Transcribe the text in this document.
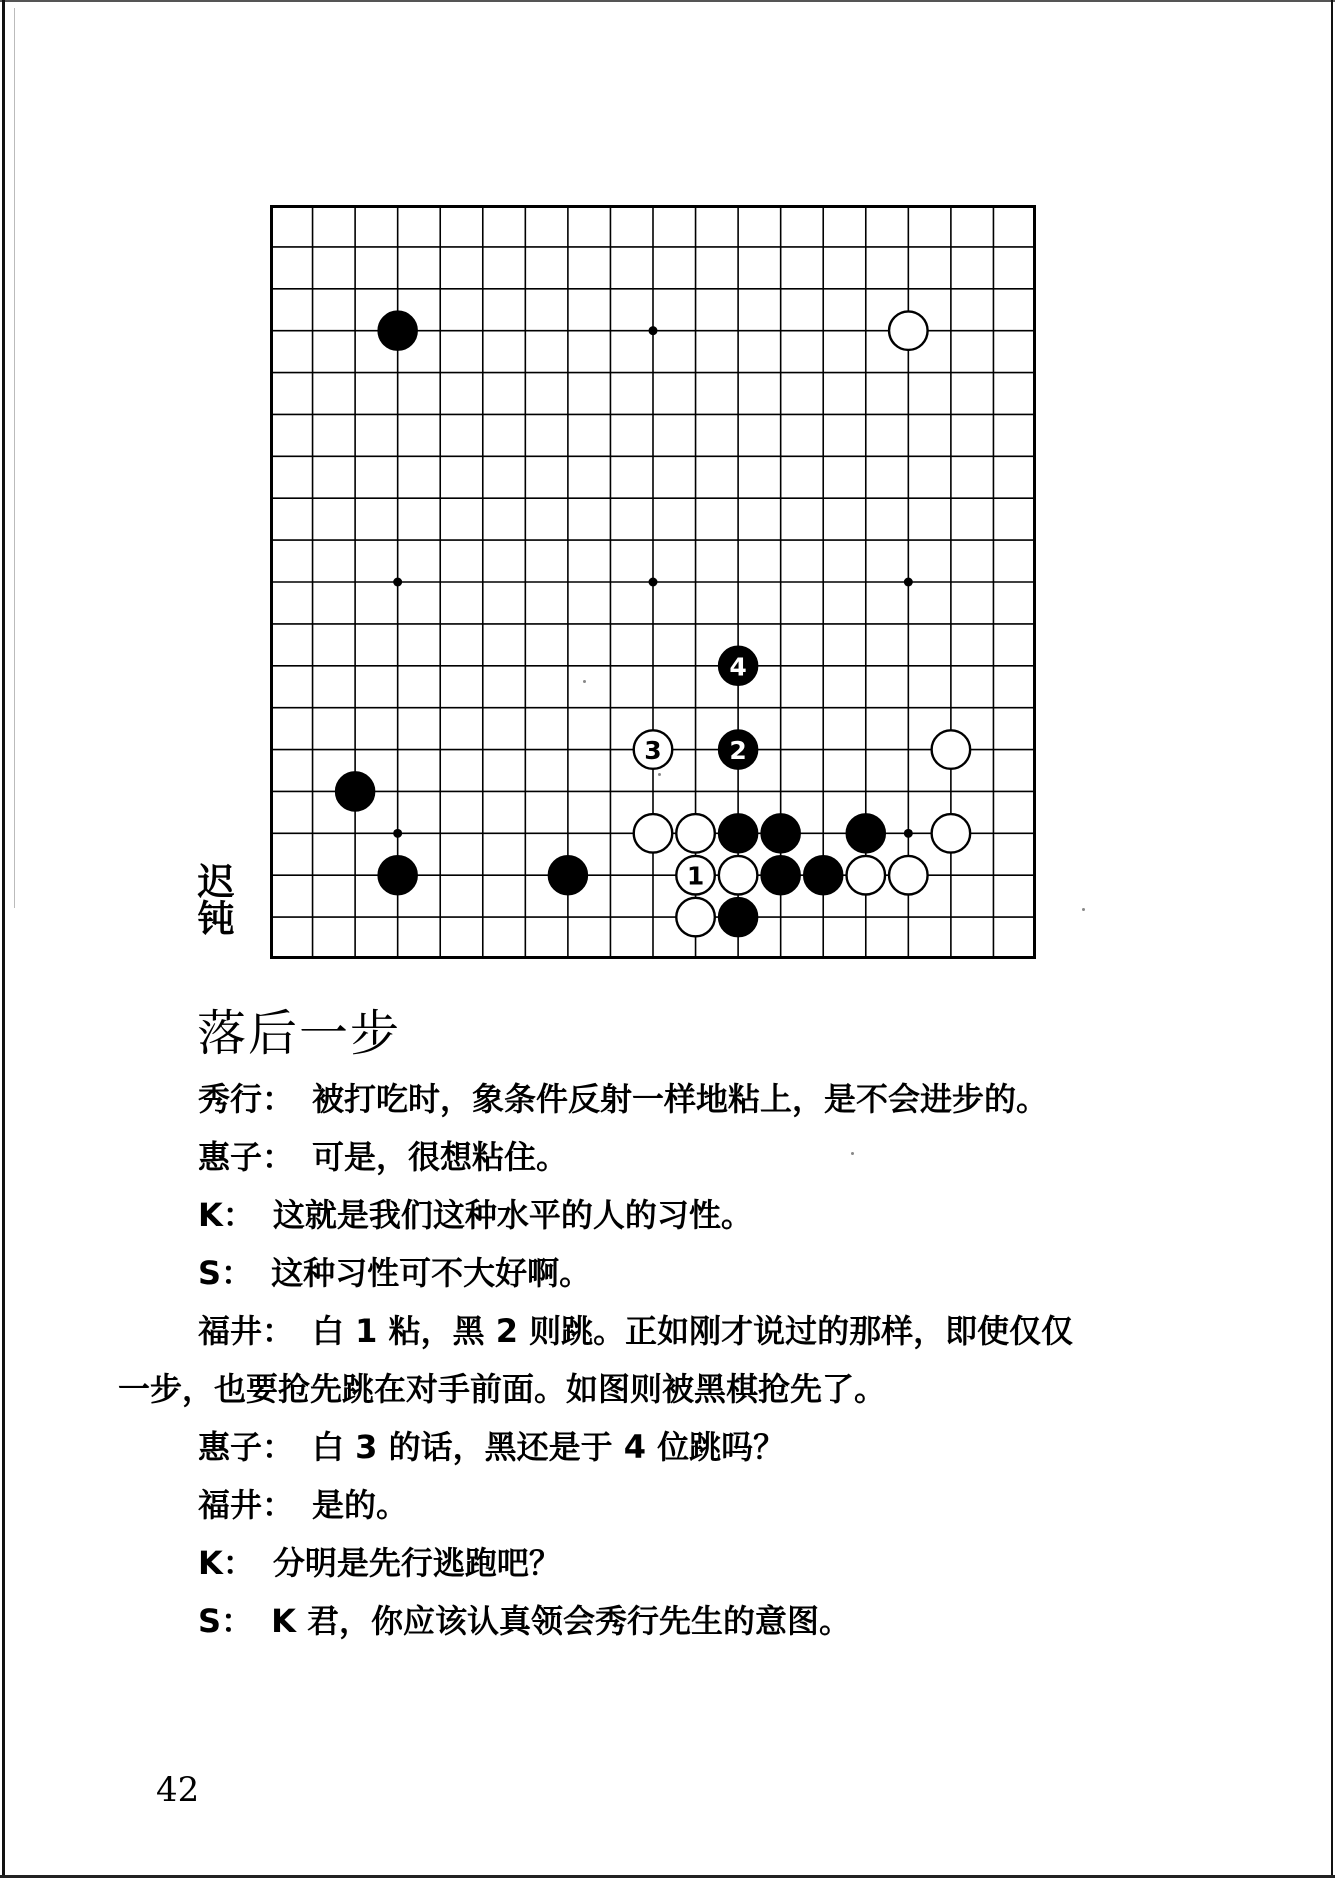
4
3	2
1
迟钝
落后一步
秀行： 被打吃时，象条件反射一样地粘上，是不会进步的。
惠子： 可是，很想粘住。
K： 这就是我们这种水平的人的习性。
S： 这种习性可不大好啊。
福井： 白 1 粘，黑 2 则跳。正如刚才说过的那样，即使仅仅
一步，也要抢先跳在对手前面。如图则被黑棋抢先了。
惠子： 白 3 的话，黑还是于 4 位跳吗？
福井： 是的。
K： 分明是先行逃跑吧？
S： K 君，你应该认真领会秀行先生的意图。
42
